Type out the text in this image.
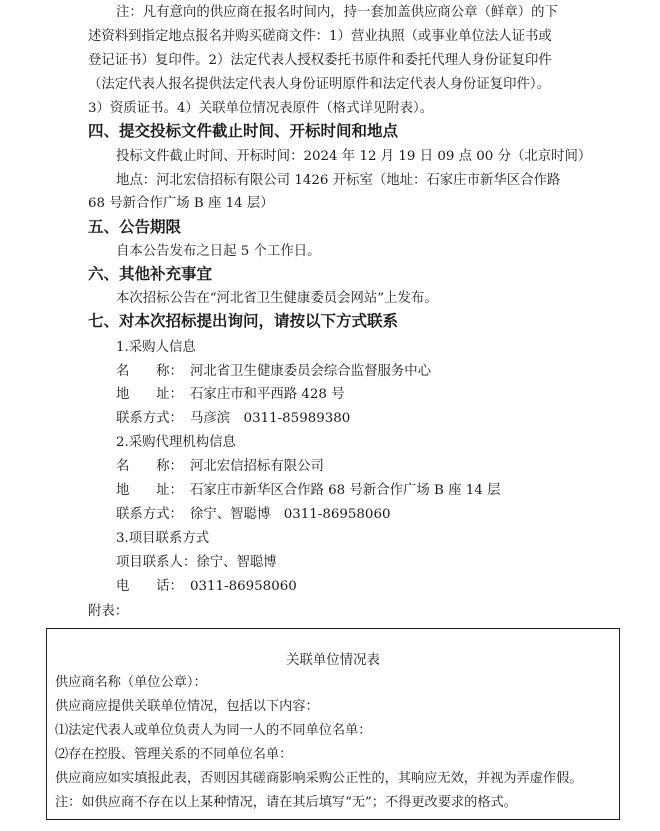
注：凡有意向的供应商在报名时间内，持一套加盖供应商公章（鲜章）的下
述资料到指定地点报名并购买磋商文件：1）营业执照（或事业单位法人证书或
登记证书）复印件。2）法定代表人授权委托书原件和委托代理人身份证复印件
（法定代表人报名提供法定代表人身份证明原件和法定代表人身份证复印件）。
3）资质证书。4）关联单位情况表原件（格式详见附表）。
四、提交投标文件截止时间、开标时间和地点
投标文件截止时间、开标时间：2024 年 12 月 19 日 09 点 00 分（北京时间）
地点：河北宏信招标有限公司 1426 开标室（地址：石家庄市新华区合作路
68 号新合作广场 B 座 14 层）
五、公告期限
自本公告发布之日起 5 个工作日。
六、其他补充事宜
本次招标公告在“河北省卫生健康委员会网站”上发布。
七、对本次招标提出询问，请按以下方式联系
1.采购人信息
名　　称： 河北省卫生健康委员会综合监督服务中心
地　　址： 石家庄市和平西路 428 号
联系方式： 马彦滨　0311-85989380
2.采购代理机构信息
名　　称： 河北宏信招标有限公司
地　　址： 石家庄市新华区合作路 68 号新合作广场 B 座 14 层
联系方式： 徐宁、智聪博　0311-86958060
3.项目联系方式
项目联系人：徐宁、智聪博
电　　话： 0311-86958060
附表：
关联单位情况表
供应商名称（单位公章）：
供应商应提供关联单位情况，包括以下内容：
⑴法定代表人或单位负责人为同一人的不同单位名单：
⑵存在控股、管理关系的不同单位名单：
供应商应如实填报此表，否则因其磋商影响采购公正性的，其响应无效，并视为弄虚作假。
注：如供应商不存在以上某种情况，请在其后填写“无”；不得更改要求的格式。
